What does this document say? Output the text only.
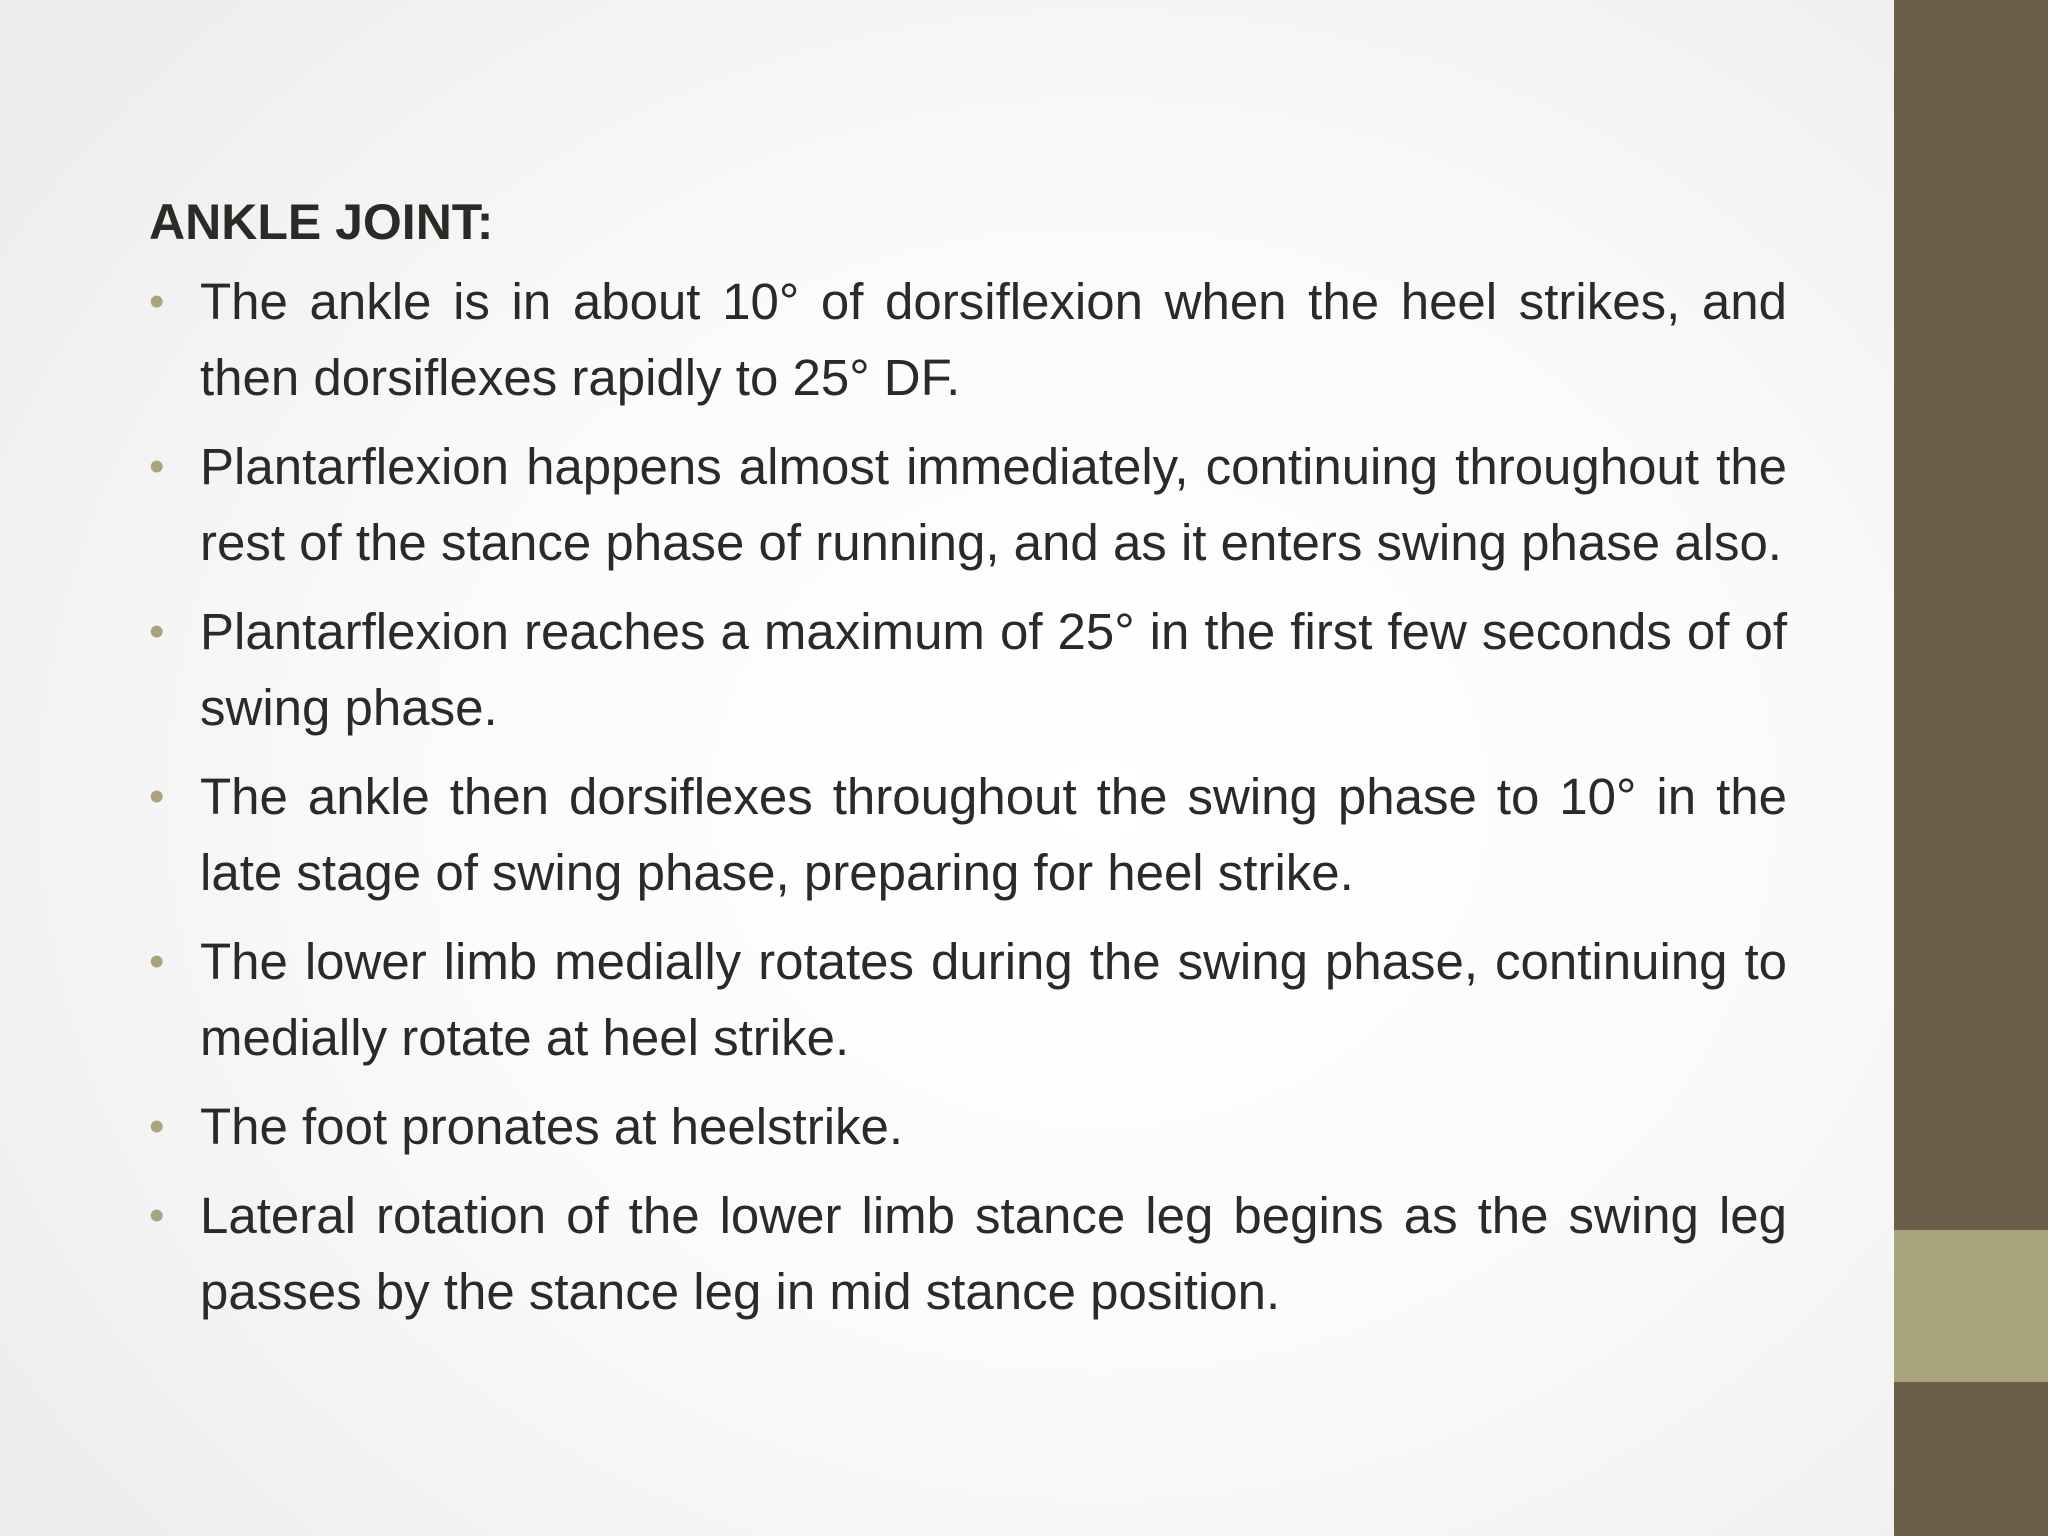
ANKLE JOINT:
• The ankle is in about 10° of dorsiflexion when the heel strikes, and then dorsiflexes rapidly to 25° DF.
• Plantarflexion happens almost immediately, continuing throughout the rest of the stance phase of running, and as it enters swing phase also.
• Plantarflexion reaches a maximum of 25° in the first few seconds of of swing phase.
• The ankle then dorsiflexes throughout the swing phase to 10° in the late stage of swing phase, preparing for heel strike.
• The lower limb medially rotates during the swing phase, continuing to medially rotate at heel strike.
• The foot pronates at heelstrike.
• Lateral rotation of the lower limb stance leg begins as the swing leg passes by the stance leg in mid stance position.
